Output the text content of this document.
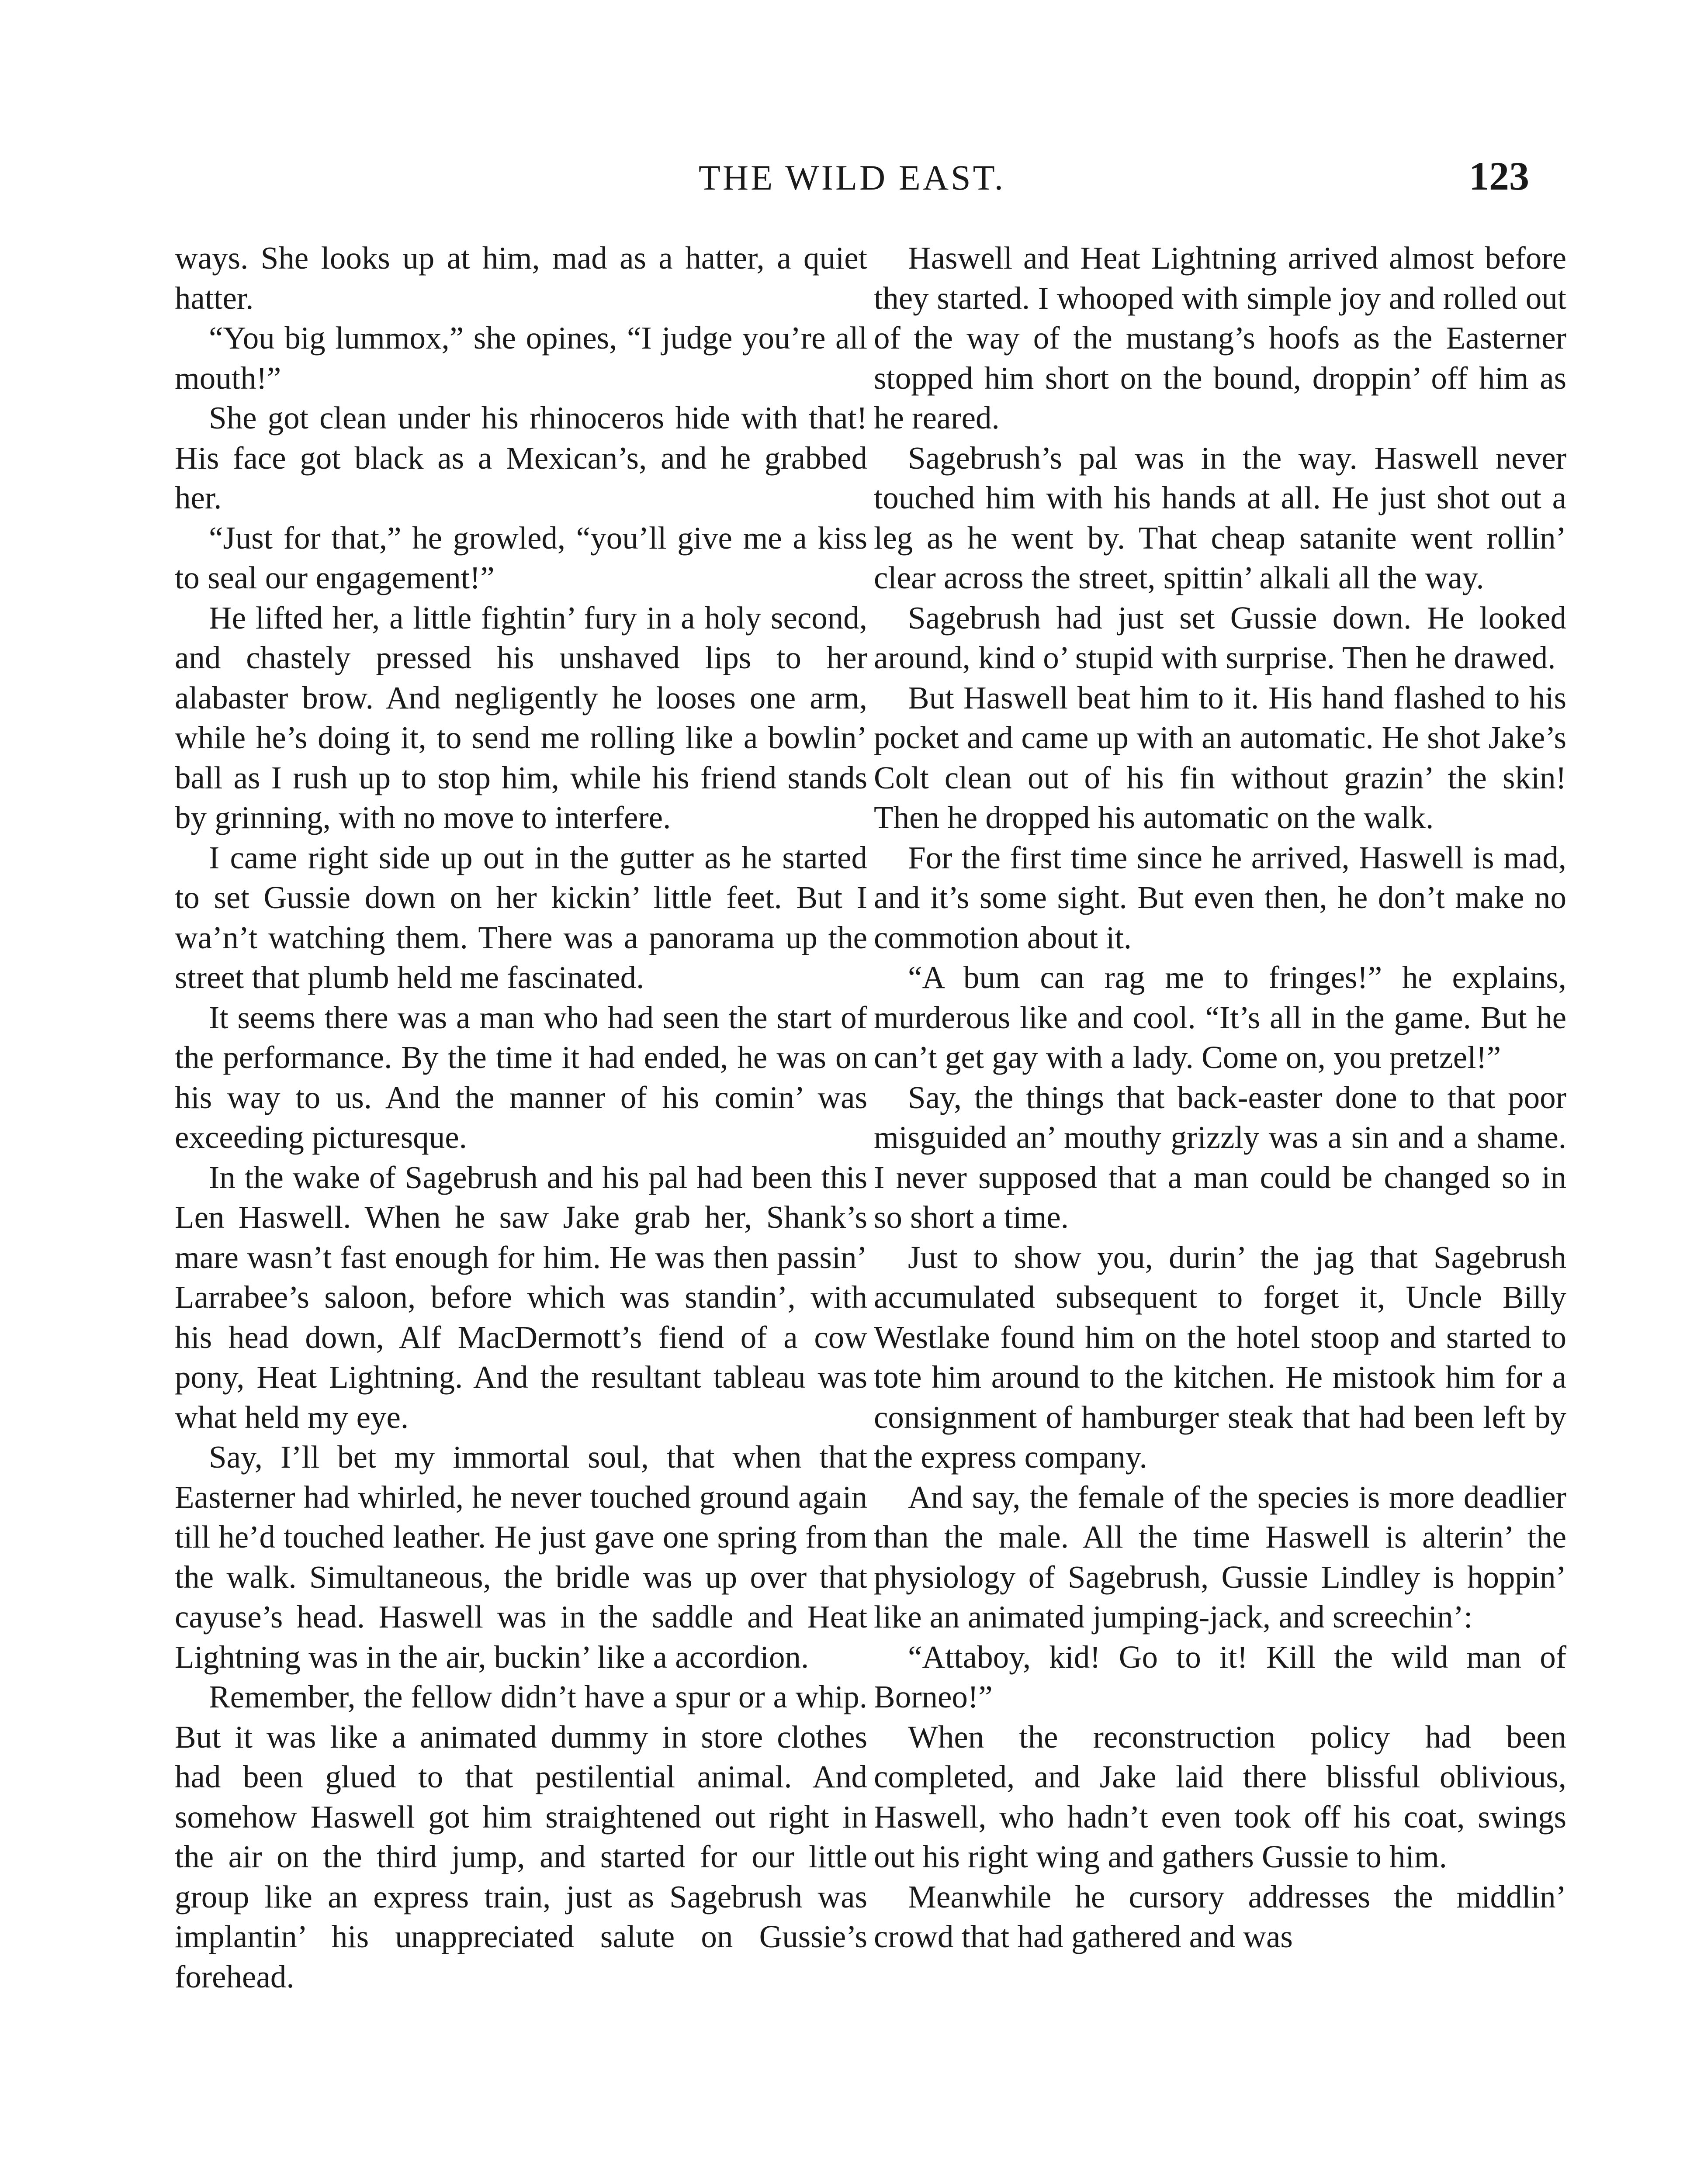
THE WILD EAST.	123

ways. She looks up at him, mad as a hatter, a quiet hatter.

“You big lummox,” she opines, “I judge you’re all mouth!”

She got clean under his rhinoceros hide with that! His face got black as a Mexican’s, and he grabbed her.

“Just for that,” he growled, “you’ll give me a kiss to seal our engagement!”

He lifted her, a little fightin’ fury in a holy second, and chastely pressed his unshaved lips to her alabaster brow. And negligently he looses one arm, while he’s doing it, to send me rolling like a bowlin’ ball as I rush up to stop him, while his friend stands by grinning, with no move to interfere.

I came right side up out in the gutter as he started to set Gussie down on her kickin’ little feet. But I wa’n’t watching them. There was a panorama up the street that plumb held me fascinated.

It seems there was a man who had seen the start of the performance. By the time it had ended, he was on his way to us. And the manner of his comin’ was exceeding picturesque.

In the wake of Sagebrush and his pal had been this Len Haswell. When he saw Jake grab her, Shank’s mare wasn’t fast enough for him. He was then passin’ Larrabee’s saloon, before which was standin’, with his head down, Alf MacDermott’s fiend of a cow pony, Heat Lightning. And the resultant tableau was what held my eye.

Say, I’ll bet my immortal soul, that when that Easterner had whirled, he never touched ground again till he’d touched leather. He just gave one spring from the walk. Simultaneous, the bridle was up over that cayuse’s head. Haswell was in the saddle and Heat Lightning was in the air, buckin’ like a accordion.

Remember, the fellow didn’t have a spur or a whip. But it was like a animated dummy in store clothes had been glued to that pestilential animal. And somehow Haswell got him straightened out right in the air on the third jump, and started for our little group like an express train, just as Sagebrush was implantin’ his unappreciated salute on Gussie’s forehead.

Haswell and Heat Lightning arrived almost before they started. I whooped with simple joy and rolled out of the way of the mustang’s hoofs as the Easterner stopped him short on the bound, droppin’ off him as he reared.

Sagebrush’s pal was in the way. Haswell never touched him with his hands at all. He just shot out a leg as he went by. That cheap satanite went rollin’ clear across the street, spittin’ alkali all the way.

Sagebrush had just set Gussie down. He looked around, kind o’ stupid with surprise. Then he drawed.

But Haswell beat him to it. His hand flashed to his pocket and came up with an automatic. He shot Jake’s Colt clean out of his fin without grazin’ the skin! Then he dropped his automatic on the walk.

For the first time since he arrived, Haswell is mad, and it’s some sight. But even then, he don’t make no commotion about it.

“A bum can rag me to fringes!” he explains, murderous like and cool. “It’s all in the game. But he can’t get gay with a lady. Come on, you pretzel!”

Say, the things that back-easter done to that poor misguided an’ mouthy grizzly was a sin and a shame. I never supposed that a man could be changed so in so short a time.

Just to show you, durin’ the jag that Sagebrush accumulated subsequent to forget it, Uncle Billy Westlake found him on the hotel stoop and started to tote him around to the kitchen. He mistook him for a consignment of hamburger steak that had been left by the express company.

And say, the female of the species is more deadlier than the male. All the time Haswell is alterin’ the physiology of Sagebrush, Gussie Lindley is hoppin’ like an animated jumping-jack, and screechin’:

“Attaboy, kid! Go to it! Kill the wild man of Borneo!”

When the reconstruction policy had been completed, and Jake laid there blissful oblivious, Haswell, who hadn’t even took off his coat, swings out his right wing and gathers Gussie to him.

Meanwhile he cursory addresses the middlin’ crowd that had gathered and was
